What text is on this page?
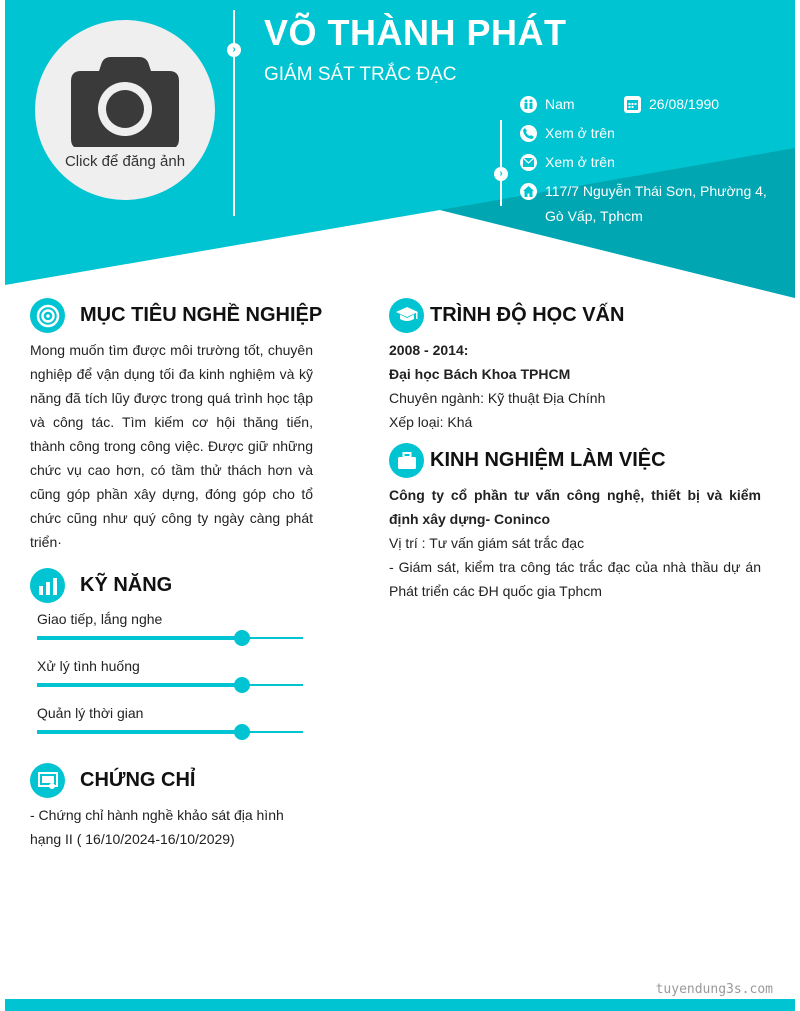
Click để đăng ảnh
›
›
VÕ THÀNH PHÁT
GIÁM SÁT TRẮC ĐẠC
Nam	26/08/1990
Xem ở trên
Xem ở trên
117/7 Nguyễn Thái Sơn, Phường 4,
Gò Vấp, Tphcm
MỤC TIÊU NGHỀ NGHIỆP
Mong muốn tìm được môi trường tốt, chuyên nghiệp để vận dụng tối đa kinh nghiệm và kỹ năng đã tích lũy được trong quá trình học tập và công tác. Tìm kiếm cơ hội thăng tiến, thành công trong công việc. Được giữ những chức vụ cao hơn, có tầm thử thách hơn và cũng góp phần xây dựng, đóng góp cho tổ chức cũng như quý công ty ngày càng phát triển·
KỸ NĂNG
Giao tiếp, lắng nghe
Xử lý tình huống
Quản lý thời gian
CHỨNG CHỈ
- Chứng chỉ hành nghề khảo sát địa hình hạng II ( 16/10/2024-16/10/2029)
TRÌNH ĐỘ HỌC VẤN
2008 - 2014:
Đại học Bách Khoa TPHCM
Chuyên ngành: Kỹ thuật Địa Chính
Xếp loại: Khá
KINH NGHIỆM LÀM VIỆC
Công ty cổ phần tư vấn công nghệ, thiết bị và kiểm định xây dựng- Coninco
Vị trí : Tư vấn giám sát trắc đạc
- Giám sát, kiểm tra công tác trắc đạc của nhà thầu dự án Phát triển các ĐH quốc gia Tphcm
tuyendung3s.com
